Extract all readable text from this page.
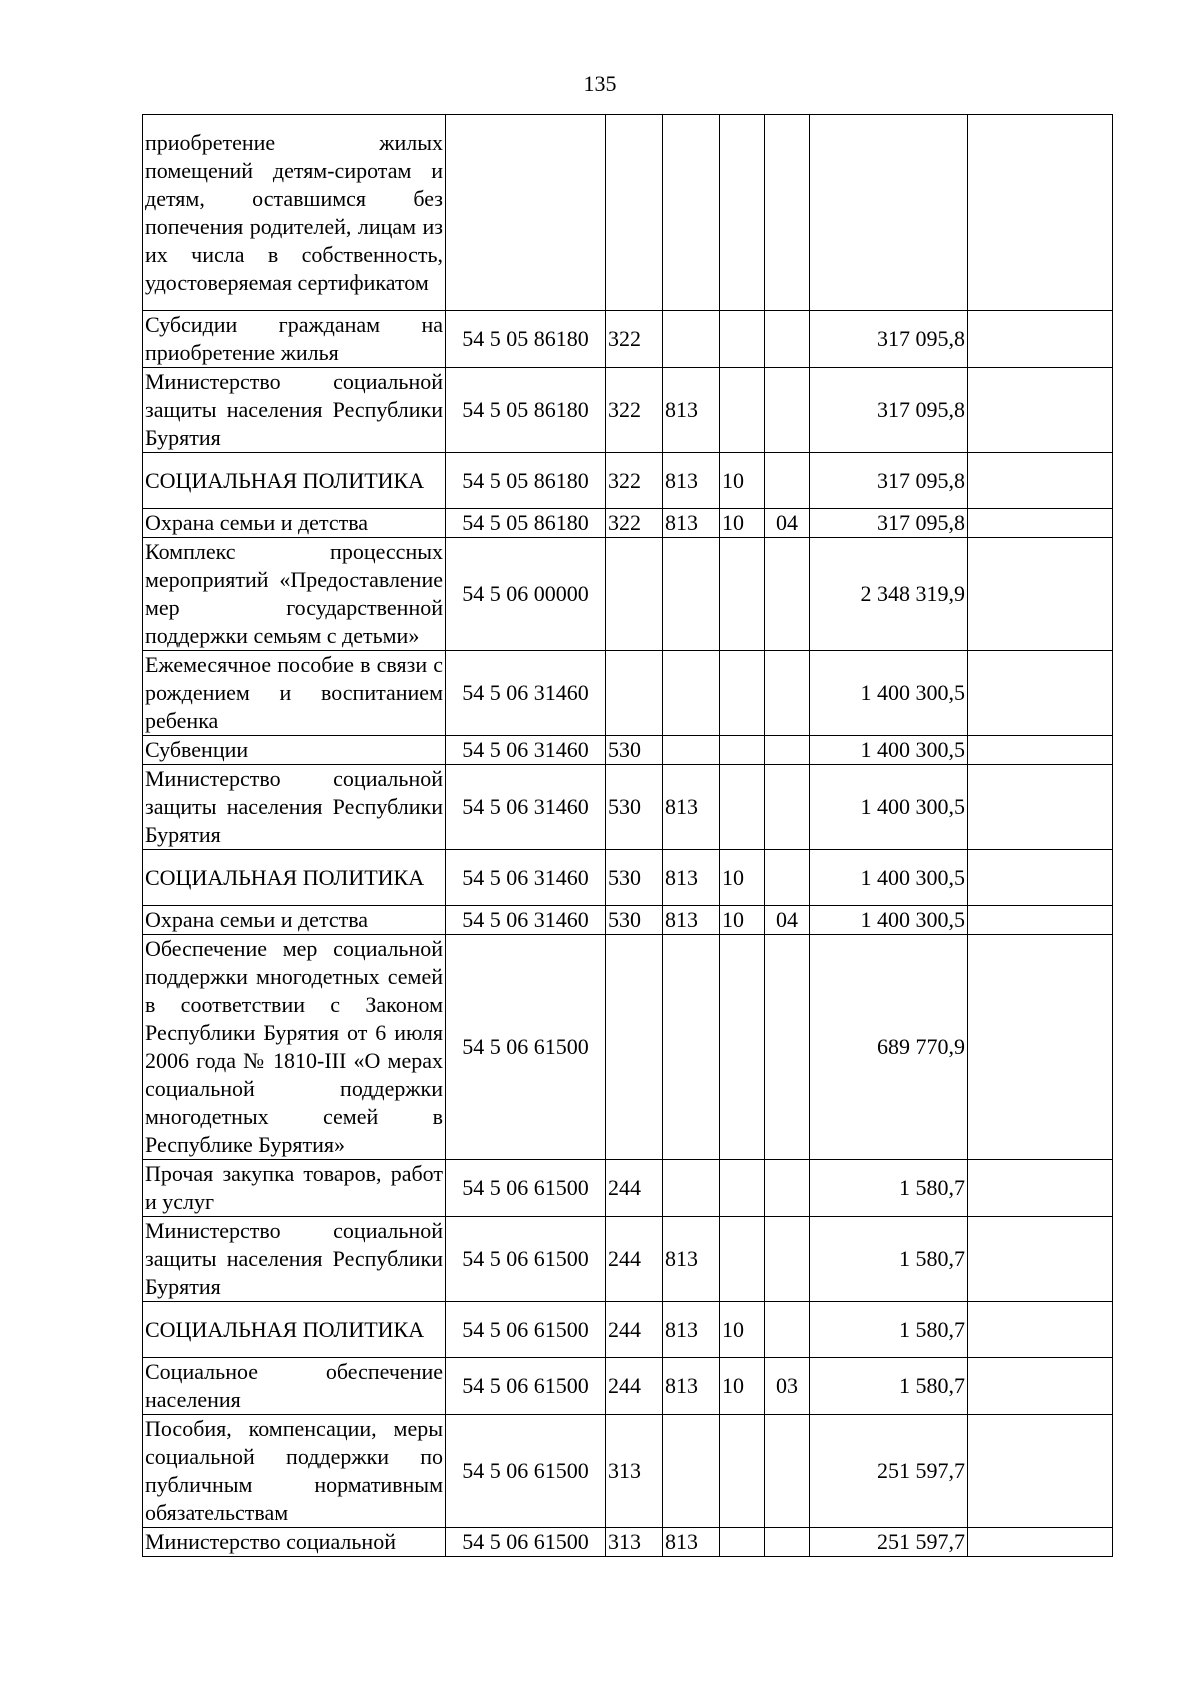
135
приобретение жилых помещений детям-сиротам и детям, оставшимся без попечения родителей, лицам из их числа в собственность, удостоверяемая сертификатом							
Субсидии гражданам на приобретение жилья	54 5 05 86180	322				317 095,8	
Министерство социальной защиты населения Республики Бурятия	54 5 05 86180	322	813			317 095,8	
СОЦИАЛЬНАЯ ПОЛИТИКА	54 5 05 86180	322	813	10		317 095,8	
Охрана семьи и детства	54 5 05 86180	322	813	10	04	317 095,8	
Комплекс процессных мероприятий «Предоставление мер государственной поддержки семьям с детьми»	54 5 06 00000					2 348 319,9	
Ежемесячное пособие в связи с рождением и воспитанием ребенка	54 5 06 31460					1 400 300,5	
Субвенции	54 5 06 31460	530				1 400 300,5	
Министерство социальной защиты населения Республики Бурятия	54 5 06 31460	530	813			1 400 300,5	
СОЦИАЛЬНАЯ ПОЛИТИКА	54 5 06 31460	530	813	10		1 400 300,5	
Охрана семьи и детства	54 5 06 31460	530	813	10	04	1 400 300,5	
Обеспечение мер социальной поддержки многодетных семей в соответствии с Законом Республики Бурятия от 6 июля 2006 года № 1810-III «О мерах социальной поддержки многодетных семей в Республике Бурятия»	54 5 06 61500					689 770,9	
Прочая закупка товаров, работ и услуг	54 5 06 61500	244				1 580,7	
Министерство социальной защиты населения Республики Бурятия	54 5 06 61500	244	813			1 580,7	
СОЦИАЛЬНАЯ ПОЛИТИКА	54 5 06 61500	244	813	10		1 580,7	
Социальное обеспечение населения	54 5 06 61500	244	813	10	03	1 580,7	
Пособия, компенсации, меры социальной поддержки по публичным нормативным обязательствам	54 5 06 61500	313				251 597,7	
Министерство социальной	54 5 06 61500	313	813			251 597,7	
